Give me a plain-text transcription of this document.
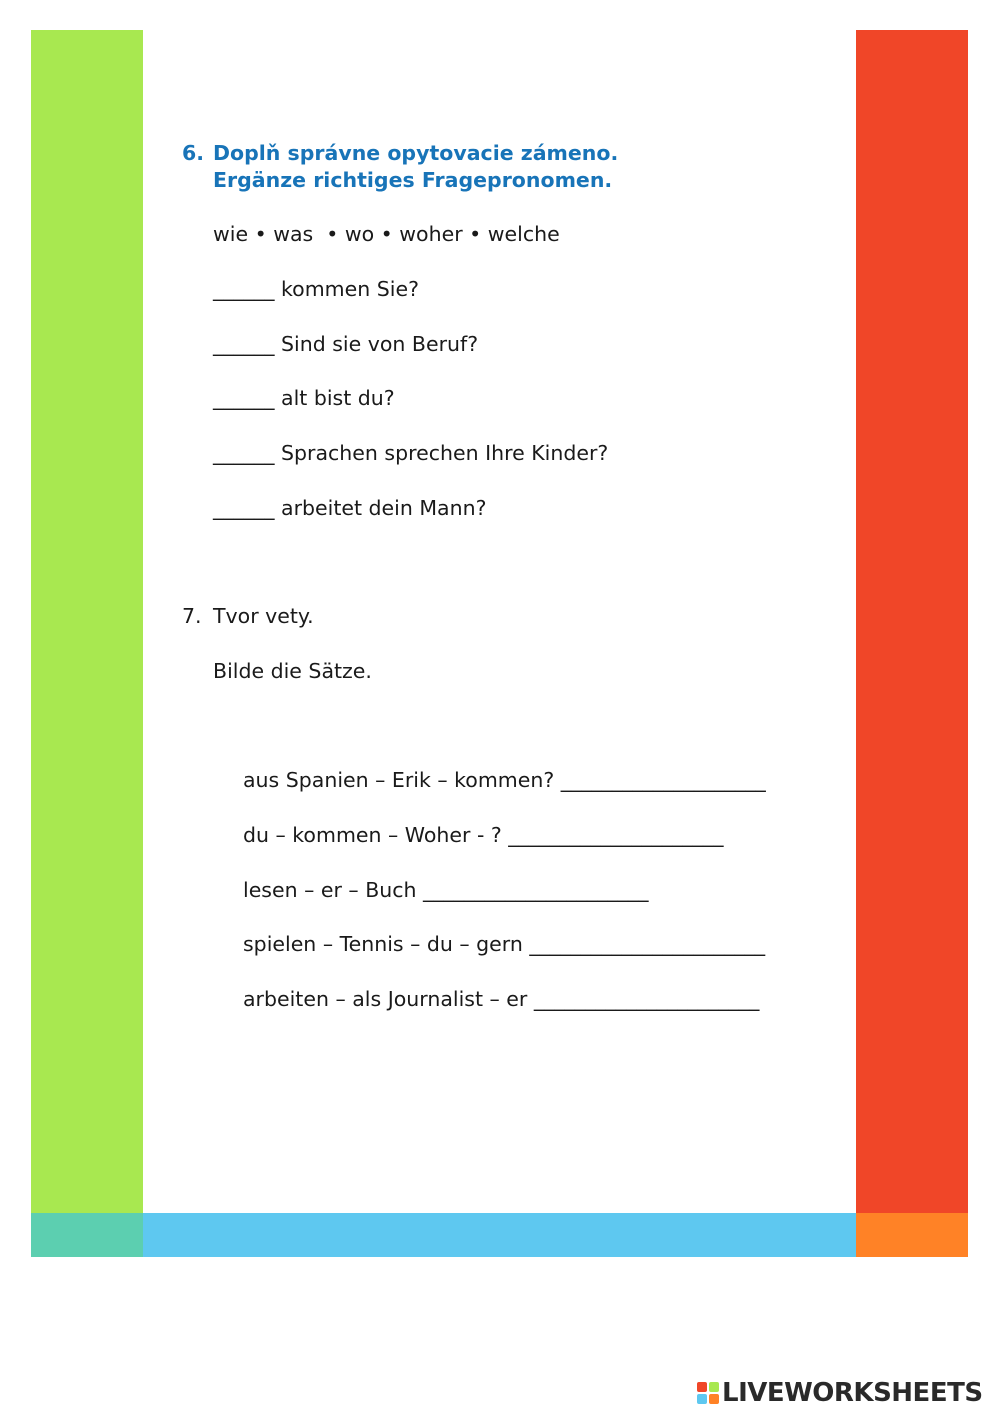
6. Doplň správne opytovacie zámeno.
Ergänze richtiges Fragepronomen.
wie • was  • wo • woher • welche
______ kommen Sie?
______ Sind sie von Beruf?
______ alt bist du?
______ Sprachen sprechen Ihre Kinder?
______ arbeitet dein Mann?
7. Tvor vety.
Bilde die Sätze.
aus Spanien – Erik – kommen? ____________________
du – kommen – Woher - ? _____________________
lesen – er – Buch ______________________
spielen – Tennis – du – gern _______________________
arbeiten – als Journalist – er ______________________
LIVEWORKSHEETS
